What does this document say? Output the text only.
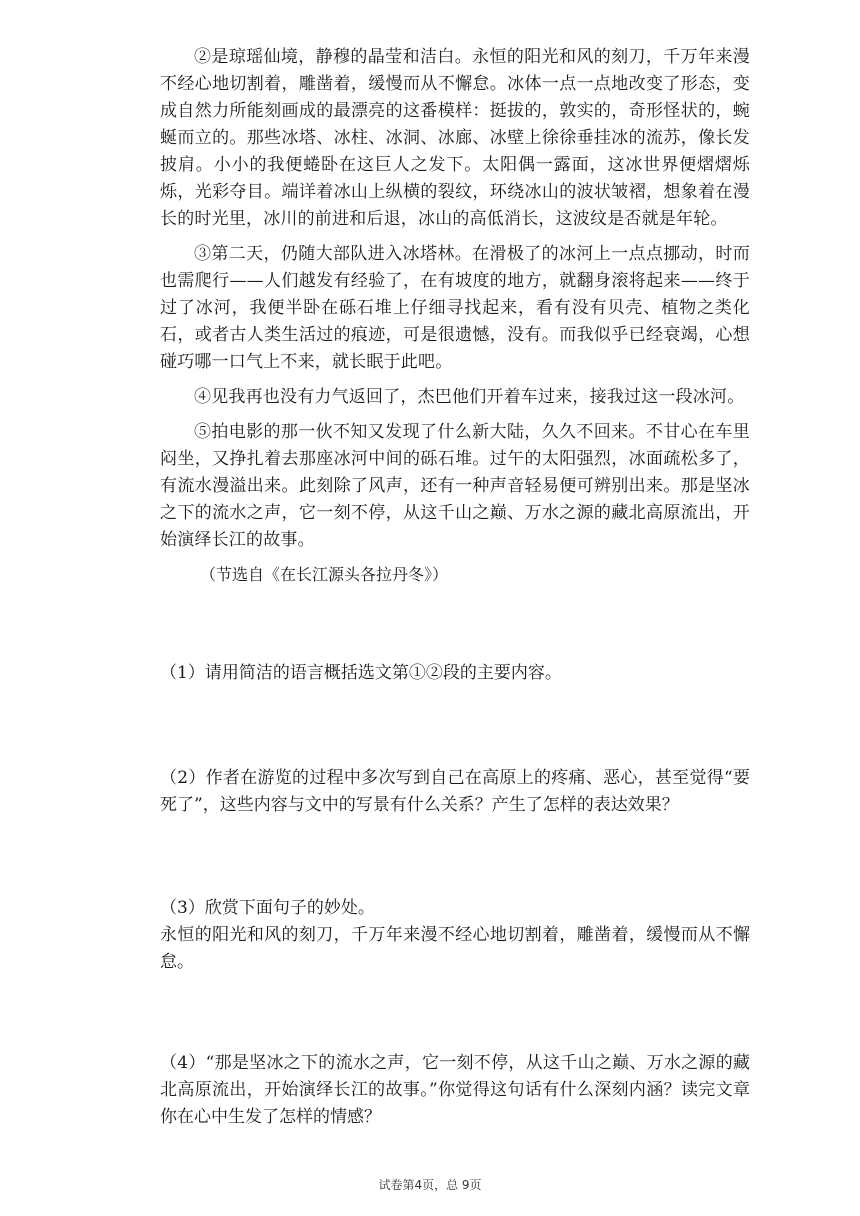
②是琼瑶仙境，静穆的晶莹和洁白。永恒的阳光和风的刻刀，千万年来漫不经心地切割着，雕凿着，缓慢而从不懈怠。冰体一点一点地改变了形态，变成自然力所能刻画成的最漂亮的这番模样：挺拔的，敦实的，奇形怪状的，蜿蜒而立的。那些冰塔、冰柱、冰洞、冰廊、冰壁上徐徐垂挂冰的流苏，像长发披肩。小小的我便蜷卧在这巨人之发下。太阳偶一露面，这冰世界便熠熠烁烁，光彩夺目。端详着冰山上纵横的裂纹，环绕冰山的波状皱褶，想象着在漫长的时光里，冰川的前进和后退，冰山的高低消长，这波纹是否就是年轮。

③第二天，仍随大部队进入冰塔林。在滑极了的冰河上一点点挪动，时而也需爬行——人们越发有经验了，在有坡度的地方，就翻身滚将起来——终于过了冰河，我便半卧在砾石堆上仔细寻找起来，看有没有贝壳、植物之类化石，或者古人类生活过的痕迹，可是很遗憾，没有。而我似乎已经衰竭，心想碰巧哪一口气上不来，就长眠于此吧。

④见我再也没有力气返回了，杰巴他们开着车过来，接我过这一段冰河。

⑤拍电影的那一伙不知又发现了什么新大陆，久久不回来。不甘心在车里闷坐，又挣扎着去那座冰河中间的砾石堆。过午的太阳强烈，冰面疏松多了，有流水漫溢出来。此刻除了风声，还有一种声音轻易便可辨别出来。那是坚冰之下的流水之声，它一刻不停，从这千山之巅、万水之源的藏北高原流出，开始演绎长江的故事。

（节选自《在长江源头各拉丹冬》）

（1）请用简洁的语言概括选文第①②段的主要内容。

（2）作者在游览的过程中多次写到自己在高原上的疼痛、恶心，甚至觉得“要死了”，这些内容与文中的写景有什么关系？产生了怎样的表达效果？

（3）欣赏下面句子的妙处。

永恒的阳光和风的刻刀，千万年来漫不经心地切割着，雕凿着，缓慢而从不懈怠。

（4）“那是坚冰之下的流水之声，它一刻不停，从这千山之巅、万水之源的藏北高原流出，开始演绎长江的故事。”你觉得这句话有什么深刻内涵？读完文章你在心中生发了怎样的情感？

试卷第4页，总 9页
